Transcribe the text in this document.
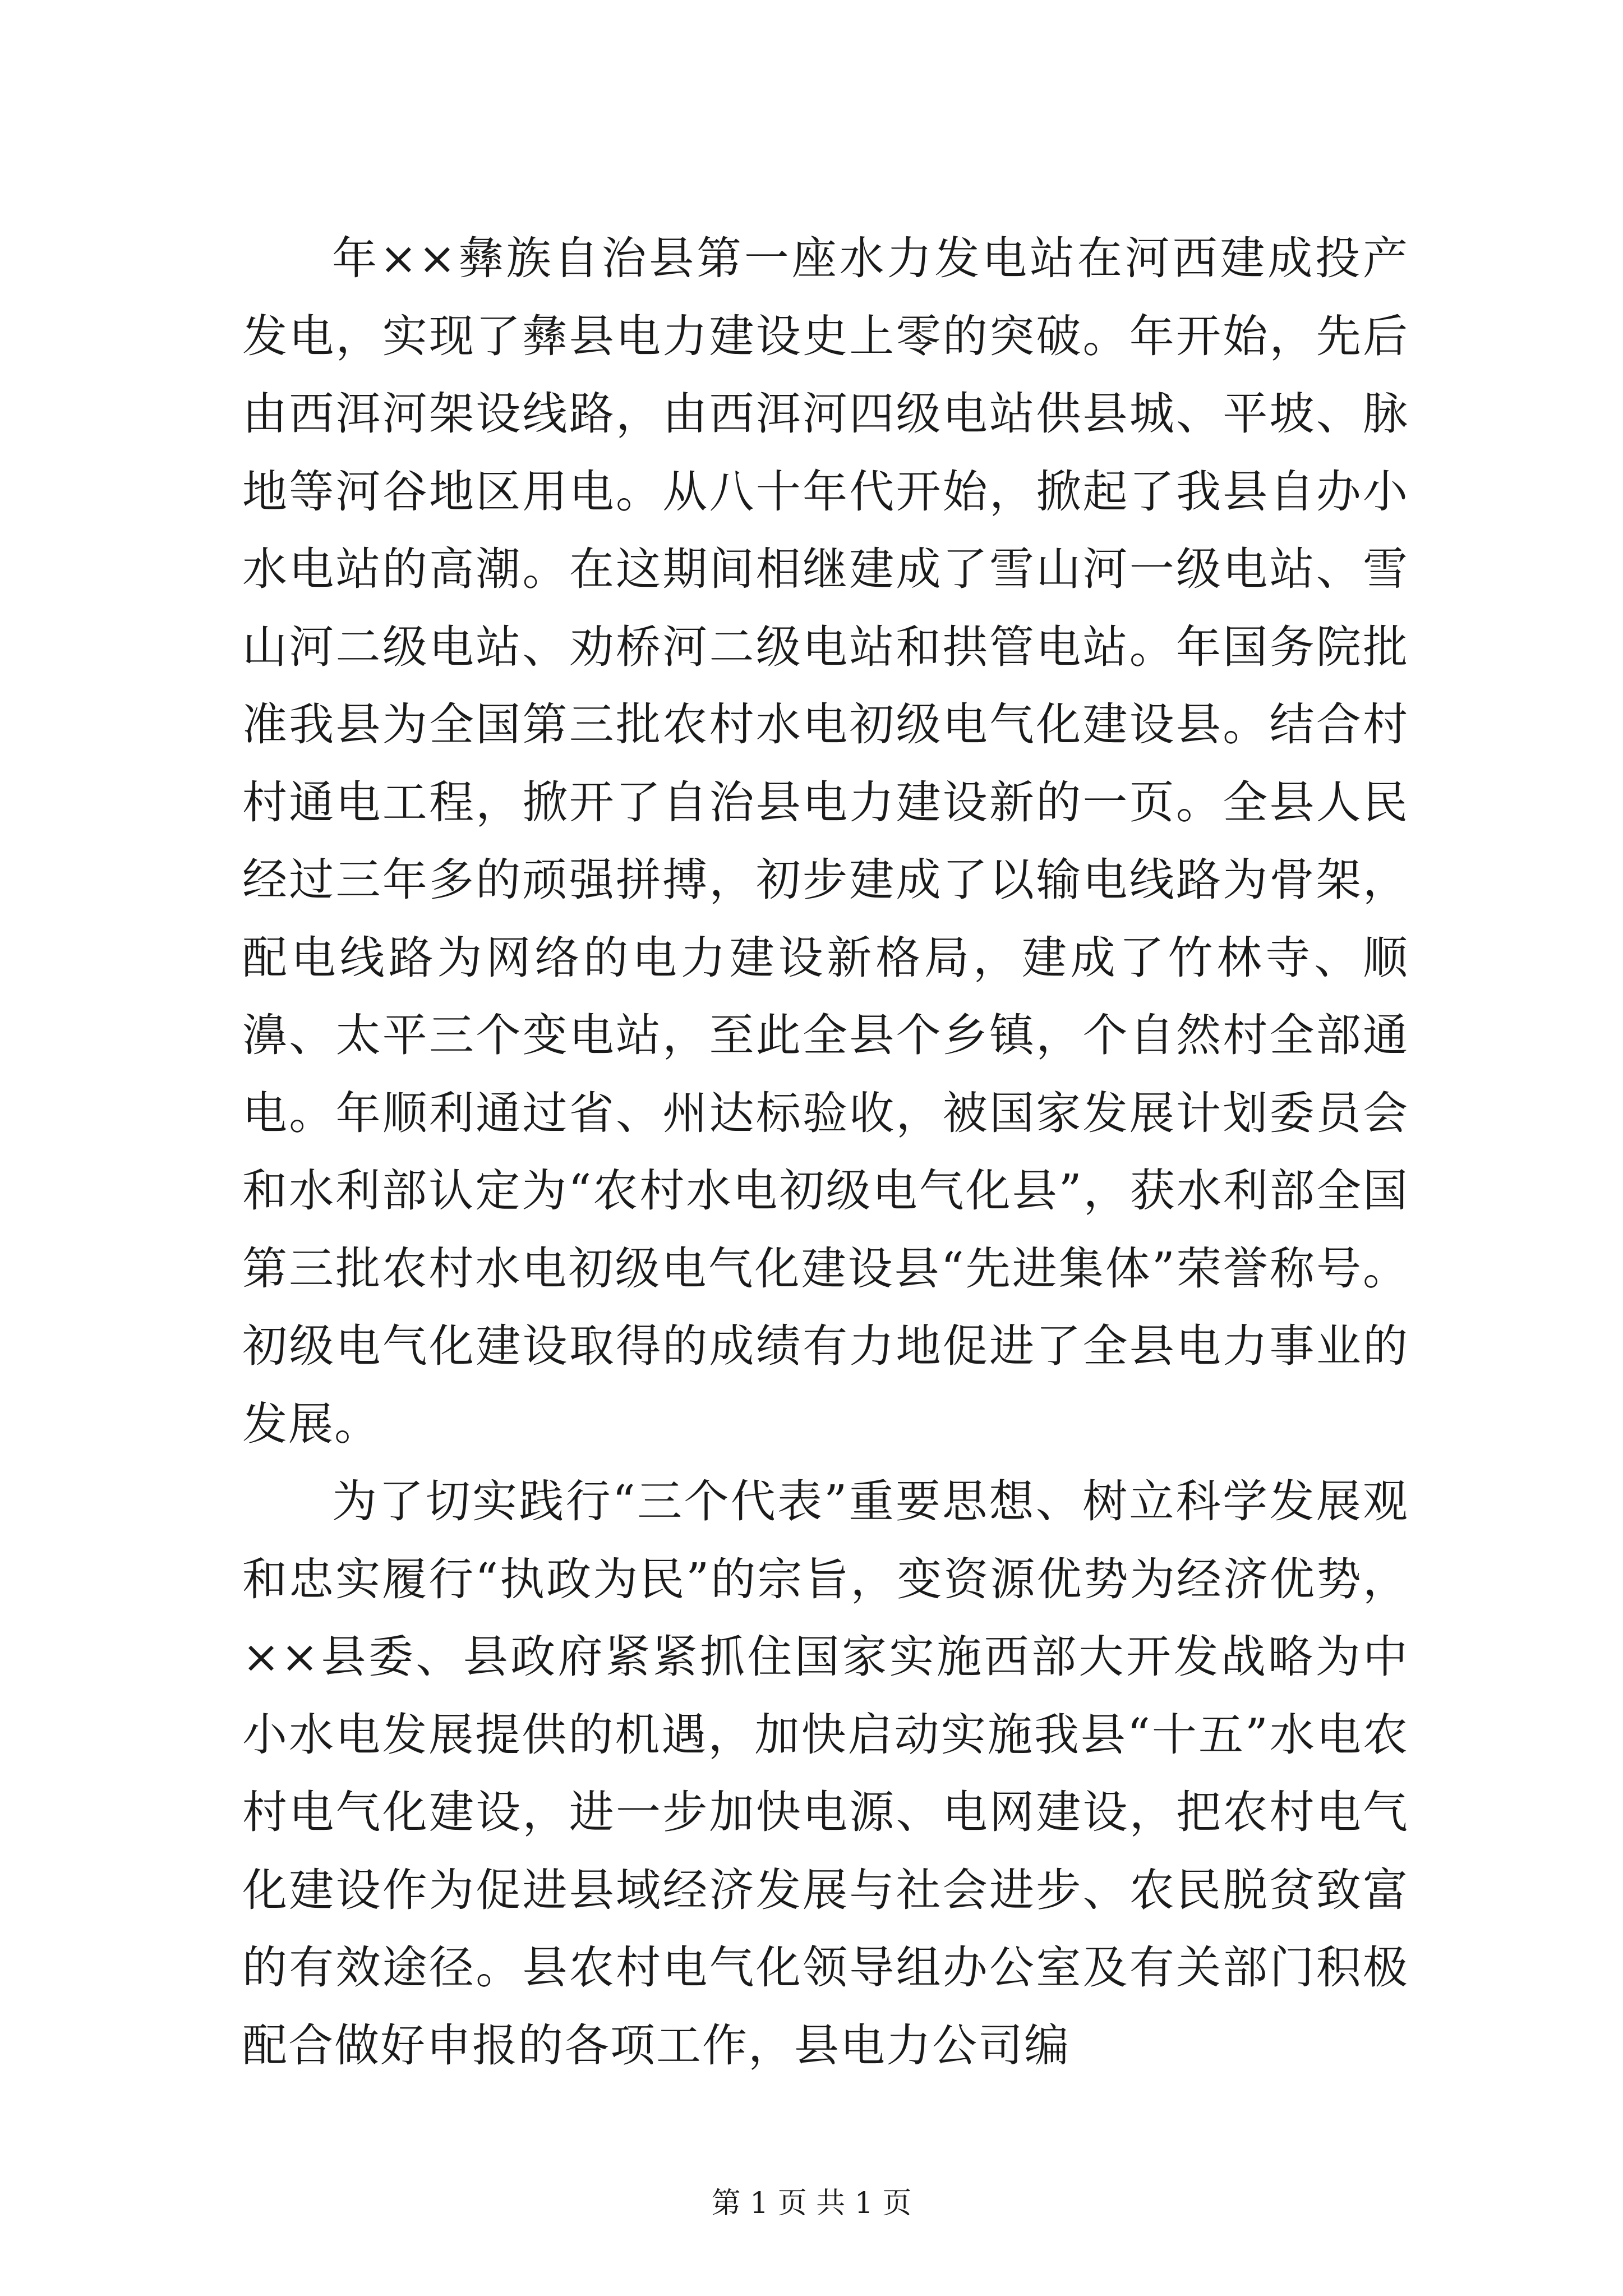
年××彝族自治县第一座水力发电站在河西建成投产发电，实现了彝县电力建设史上零的突破。年开始，先后由西洱河架设线路，由西洱河四级电站供县城、平坡、脉地等河谷地区用电。从八十年代开始，掀起了我县自办小水电站的高潮。在这期间相继建成了雪山河一级电站、雪山河二级电站、劝桥河二级电站和拱管电站。年国务院批准我县为全国第三批农村水电初级电气化建设县。结合村村通电工程，掀开了自治县电力建设新的一页。全县人民经过三年多的顽强拼搏，初步建成了以输电线路为骨架，配电线路为网络的电力建设新格局，建成了竹林寺、顺濞、太平三个变电站，至此全县个乡镇，个自然村全部通电。年顺利通过省、州达标验收，被国家发展计划委员会和水利部认定为“农村水电初级电气化县”，获水利部全国第三批农村水电初级电气化建设县“先进集体”荣誉称号。初级电气化建设取得的成绩有力地促进了全县电力事业的发展。

为了切实践行“三个代表”重要思想、树立科学发展观和忠实履行“执政为民”的宗旨，变资源优势为经济优势，××县委、县政府紧紧抓住国家实施西部大开发战略为中小水电发展提供的机遇，加快启动实施我县“十五”水电农村电气化建设，进一步加快电源、电网建设，把农村电气化建设作为促进县域经济发展与社会进步、农民脱贫致富的有效途径。县农村电气化领导组办公室及有关部门积极配合做好申报的各项工作，县电力公司编

第 1 页 共 1 页
